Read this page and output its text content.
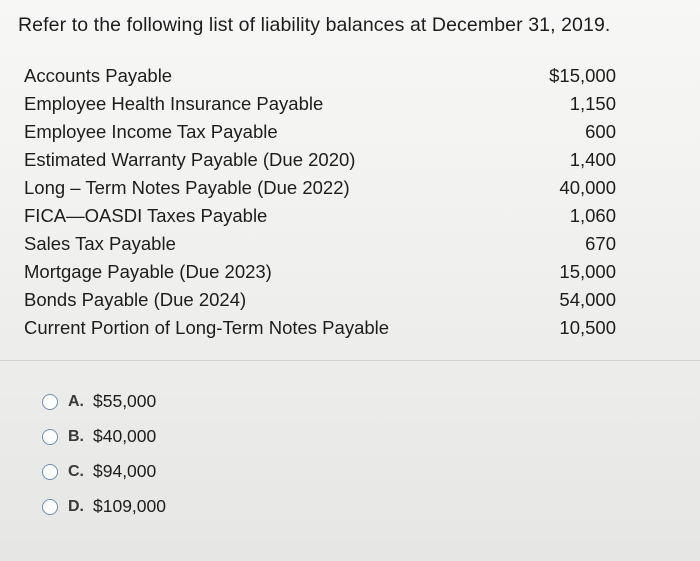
Refer to the following list of liability balances at December 31, 2019.
Accounts Payable	$15,000
Employee Health Insurance Payable	1,150
Employee Income Tax Payable	600
Estimated Warranty Payable (Due 2020)	1,400
Long – Term Notes Payable (Due 2022)	40,000
FICA—OASDI Taxes Payable	1,060
Sales Tax Payable	670
Mortgage Payable (Due 2023)	15,000
Bonds Payable (Due 2024)	54,000
Current Portion of Long-Term Notes Payable	10,500
A. $55,000
B. $40,000
C. $94,000
D. $109,000
